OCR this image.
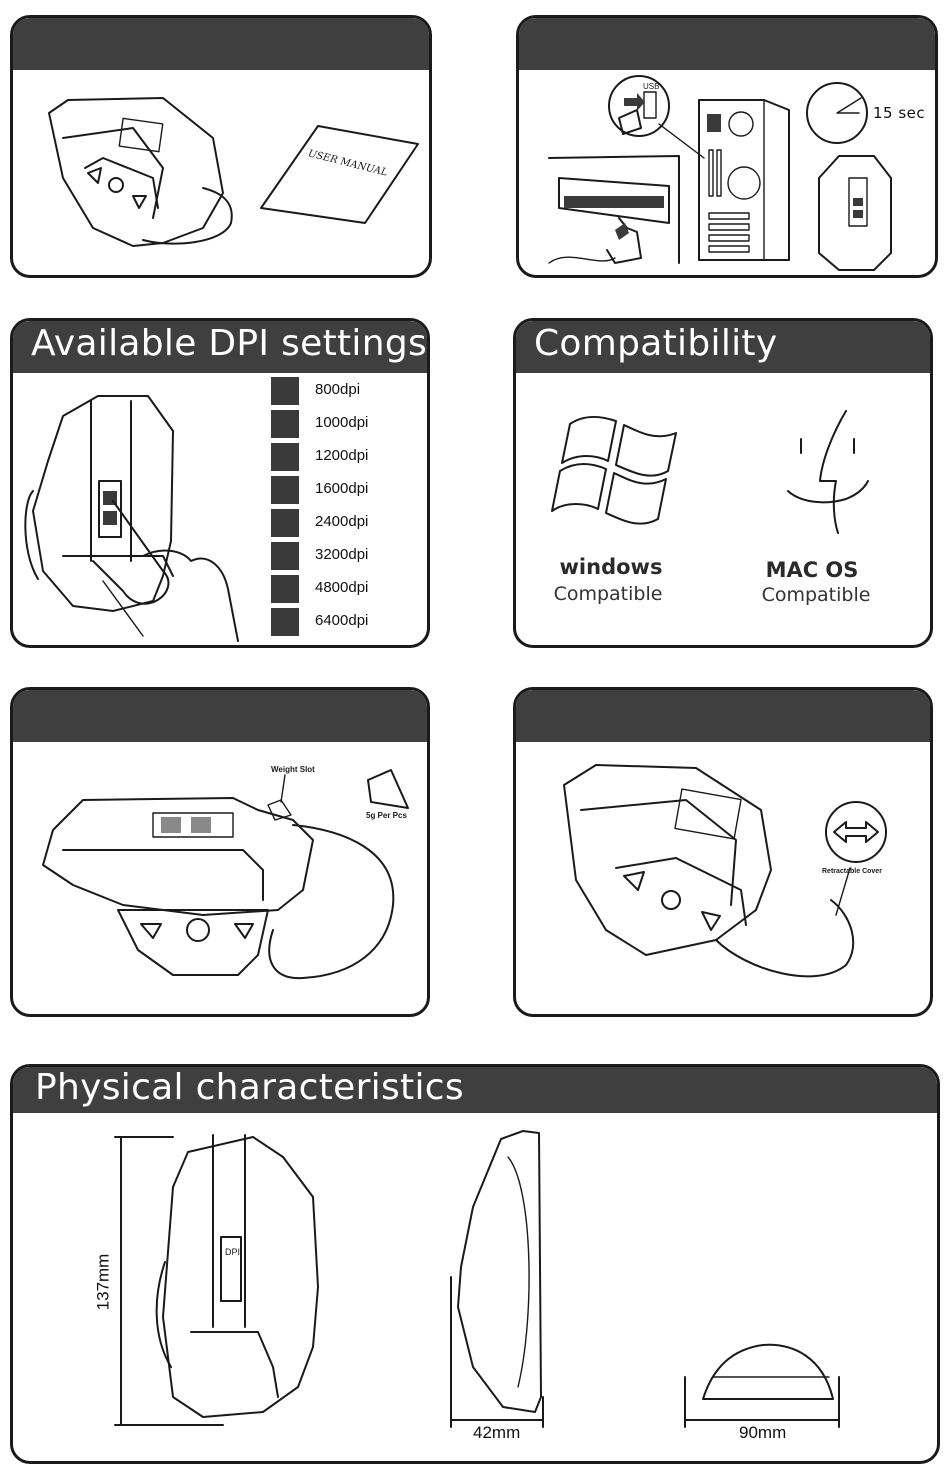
USER MANUAL
USB
15 sec
Available DPI settings
800dpi
1000dpi
1200dpi
1600dpi
2400dpi
3200dpi
4800dpi
6400dpi
Compatibility
windows
Compatible
MAC OS
Compatible
Weight Slot
5g Per Pcs
Retractable Cover
Physical characteristics
DPI
137mm
42mm	90mm
